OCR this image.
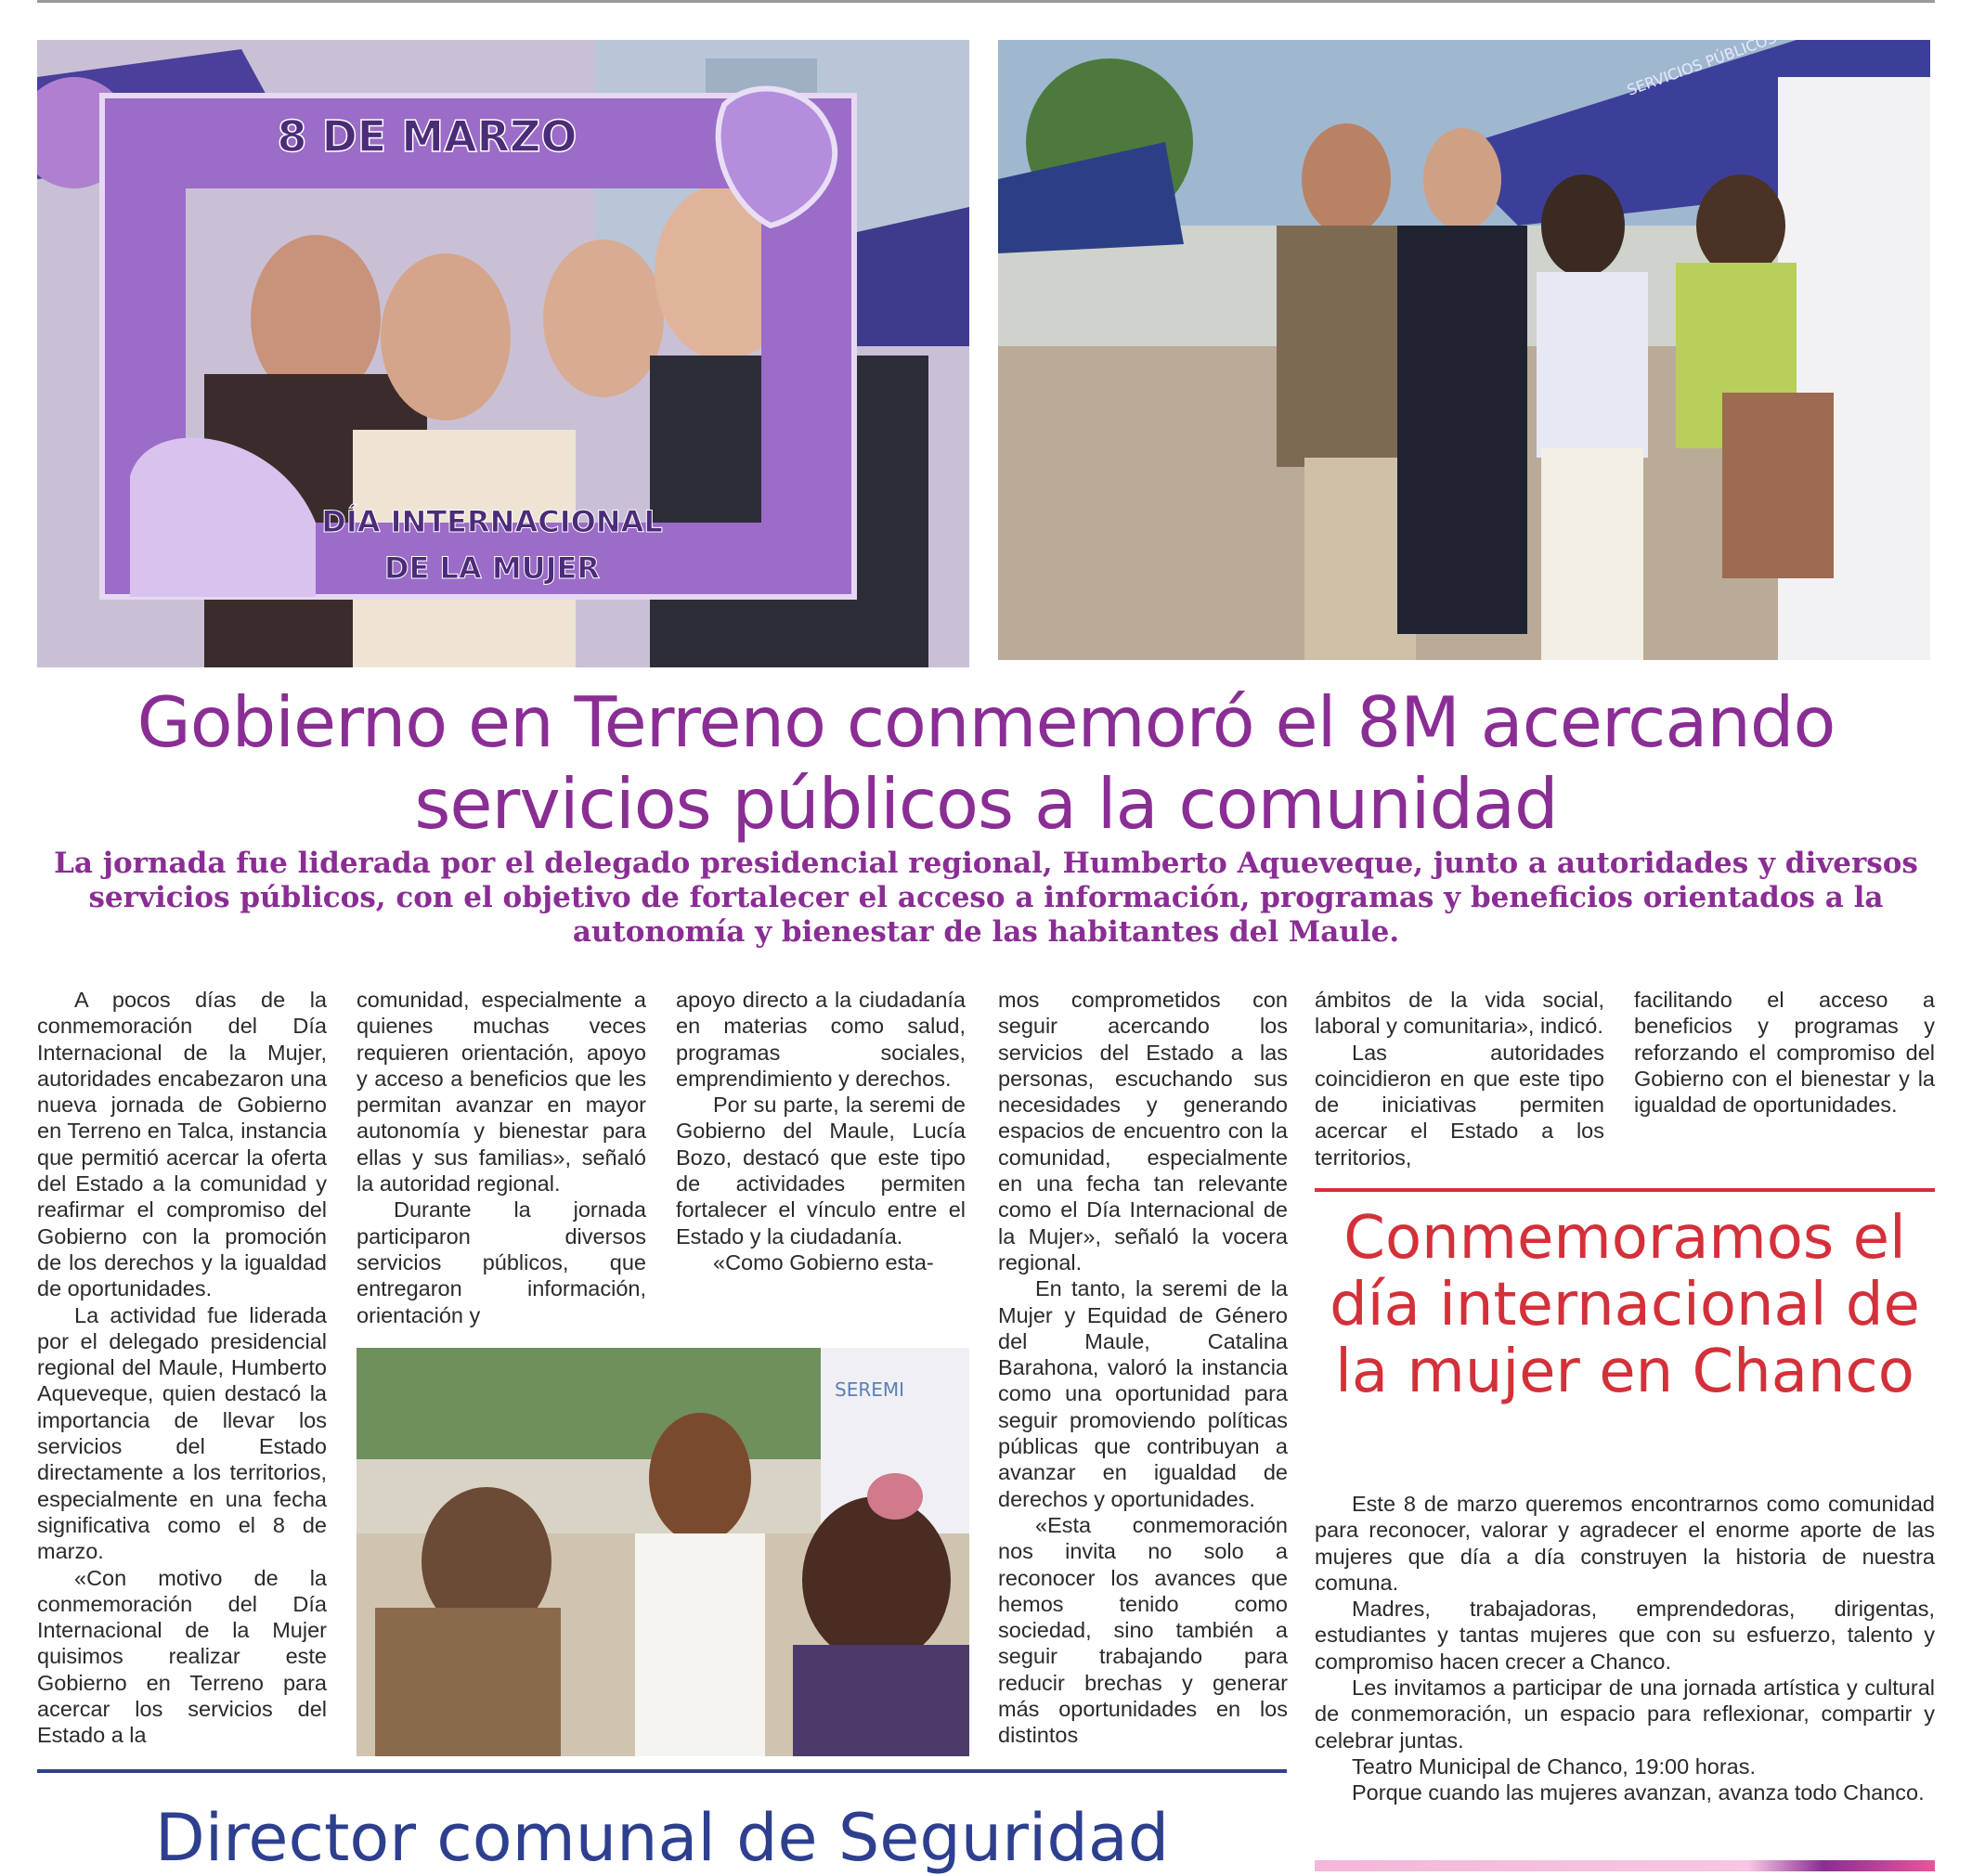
8 DE MARZO
DÍA INTERNACIONAL
DE LA MUJER
Gobierno en Terreno conmemoró el 8M acercando
servicios públicos a la comunidad
La jornada fue liderada por el delegado presidencial regional, Humberto Aqueveque, junto a autoridades y diversos servicios públicos, con el objetivo de fortalecer el acceso a información, programas y beneficios orientados a la autonomía y bienestar de las habitantes del Maule.

A pocos días de la conmemoración del Día Internacional de la Mujer, autoridades encabezaron una nueva jornada de Gobierno en Terreno en Talca, instancia que permitió acercar la oferta del Estado a la comunidad y reafirmar el compromiso del Gobierno con la promoción de los derechos y la igualdad de oportunidades.

La actividad fue liderada por el delegado presidencial regional del Maule, Humberto Aqueveque, quien destacó la importancia de llevar los servicios del Estado directamente a los territorios, especialmente en una fecha significativa como el 8 de marzo.

«Con motivo de la conmemoración del Día Internacional de la Mujer quisimos realizar este Gobierno en Terreno para acercar los servicios del Estado a la

comunidad, especialmente a quienes muchas veces requieren orientación, apoyo y acceso a beneficios que les permitan avanzar en mayor autonomía y bienestar para ellas y sus familias», señaló la autoridad regional.

Durante la jornada participaron diversos servicios públicos, que entregaron información, orientación y

apoyo directo a la ciudadanía en materias como salud, programas sociales, emprendimiento y derechos.

Por su parte, la seremi de Gobierno del Maule, Lucía Bozo, destacó que este tipo de actividades permiten fortalecer el vínculo entre el Estado y la ciudadanía.

«Como Gobierno esta-

SEREMI

mos comprometidos con seguir acercando los servicios del Estado a las personas, escuchando sus necesidades y generando espacios de encuentro con la comunidad, especialmente en una fecha tan relevante como el Día Internacional de la Mujer», señaló la vocera regional.

En tanto, la seremi de la Mujer y Equidad de Género del Maule, Catalina Barahona, valoró la instancia como una oportunidad para seguir promoviendo políticas públicas que contribuyan a avanzar en igualdad de derechos y oportunidades.

«Esta conmemoración nos invita no solo a reconocer los avances que hemos tenido como sociedad, sino también a seguir trabajando para reducir brechas y generar más oportunidades en los distintos

ámbitos de la vida social, laboral y comunitaria», indicó.

Las autoridades coincidieron en que este tipo de iniciativas permiten acercar el Estado a los territorios,

facilitando el acceso a beneficios y programas y reforzando el compromiso del Gobierno con el bienestar y la igualdad de oportunidades.

Conmemoramos el día internacional de la mujer en Chanco

Este 8 de marzo queremos encontrarnos como comunidad para reconocer, valorar y agradecer el enorme aporte de las mujeres que día a día construyen la historia de nuestra comuna.

Madres, trabajadoras, emprendedoras, dirigentas, estudiantes y tantas mujeres que con su esfuerzo, talento y compromiso hacen crecer a Chanco.

Les invitamos a participar de una jornada artística y cultural de conmemoración, un espacio para reflexionar, compartir y celebrar juntas.

Teatro Municipal de Chanco, 19:00 horas.

Porque cuando las mujeres avanzan, avanza todo Chanco.

Director comunal de Seguridad
